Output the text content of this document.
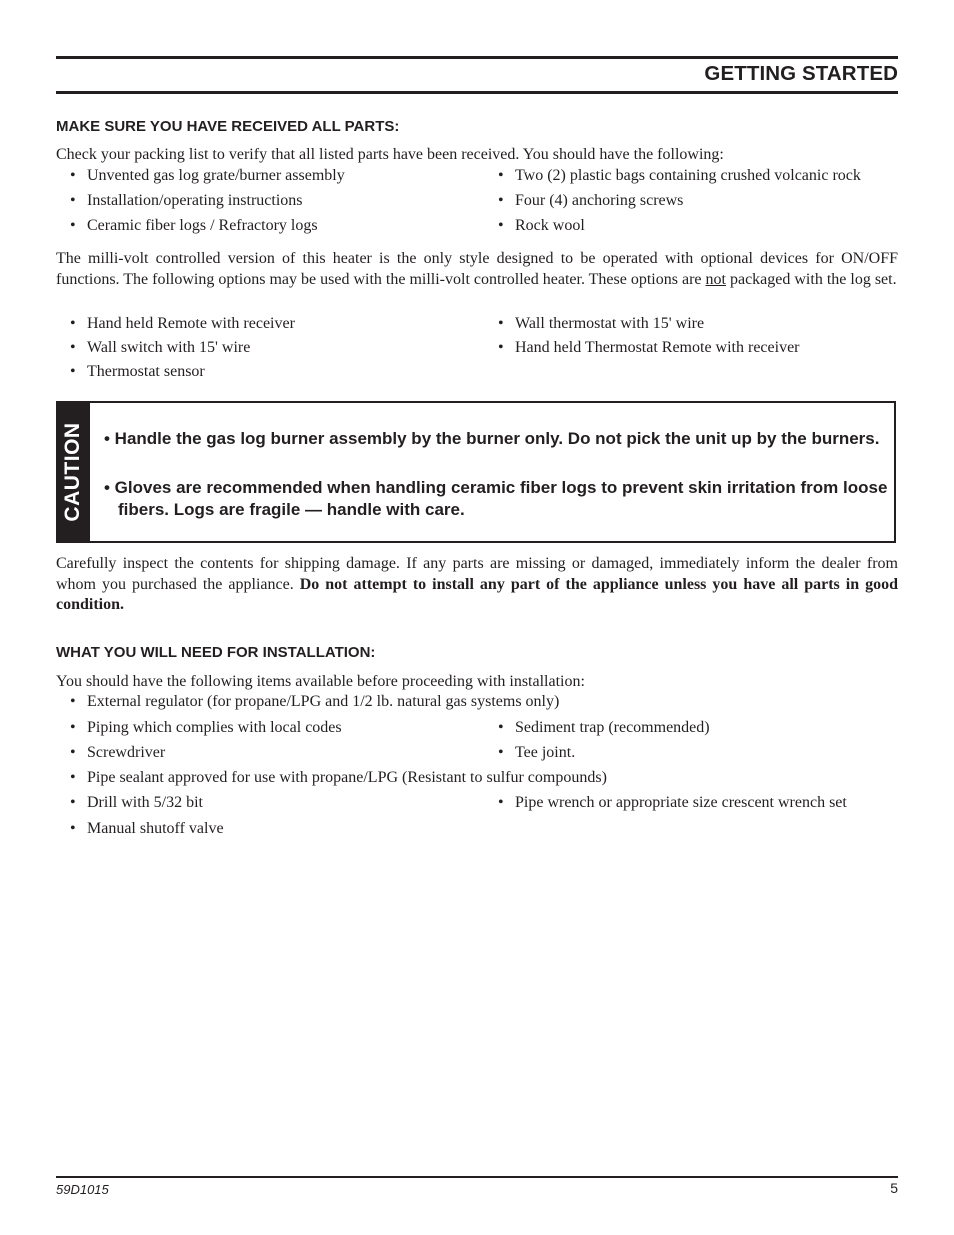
GETTING STARTED
MAKE SURE YOU HAVE RECEIVED ALL PARTS:

Check your packing list to verify that all listed parts have been received. You should have the following:

• Unvented gas log grate/burner assembly	• Two (2) plastic bags containing crushed volcanic rock
• Installation/operating instructions	• Four (4) anchoring screws
• Ceramic fiber logs / Refractory logs	• Rock wool

The milli-volt controlled version of this heater is the only style designed to be operated with optional devices for ON/OFF functions. The following options may be used with the milli-volt controlled heater. These options are not packaged with the log set.

• Hand held Remote with receiver	• Wall thermostat with 15' wire
• Wall switch with 15' wire	• Hand held Thermostat Remote with receiver
• Thermostat sensor
CAUTION • Handle the gas log burner assembly by the burner only. Do not pick the unit up by the burners.

• Gloves are recommended when handling ceramic fiber logs to prevent skin irritation from loose fibers. Logs are fragile — handle with care.

Carefully inspect the contents for shipping damage. If any parts are missing or damaged, immediately inform the dealer from whom you purchased the appliance. Do not attempt to install any part of the appliance unless you have all parts in good condition.

WHAT YOU WILL NEED FOR INSTALLATION:

You should have the following items available before proceeding with installation:

• External regulator (for propane/LPG and 1/2 lb. natural gas systems only)
• Piping which complies with local codes	• Sediment trap (recommended)
• Screwdriver	• Tee joint.
• Pipe sealant approved for use with propane/LPG (Resistant to sulfur compounds)
• Drill with 5/32 bit	• Pipe wrench or appropriate size crescent wrench set
• Manual shutoff valve

59D1015	5
